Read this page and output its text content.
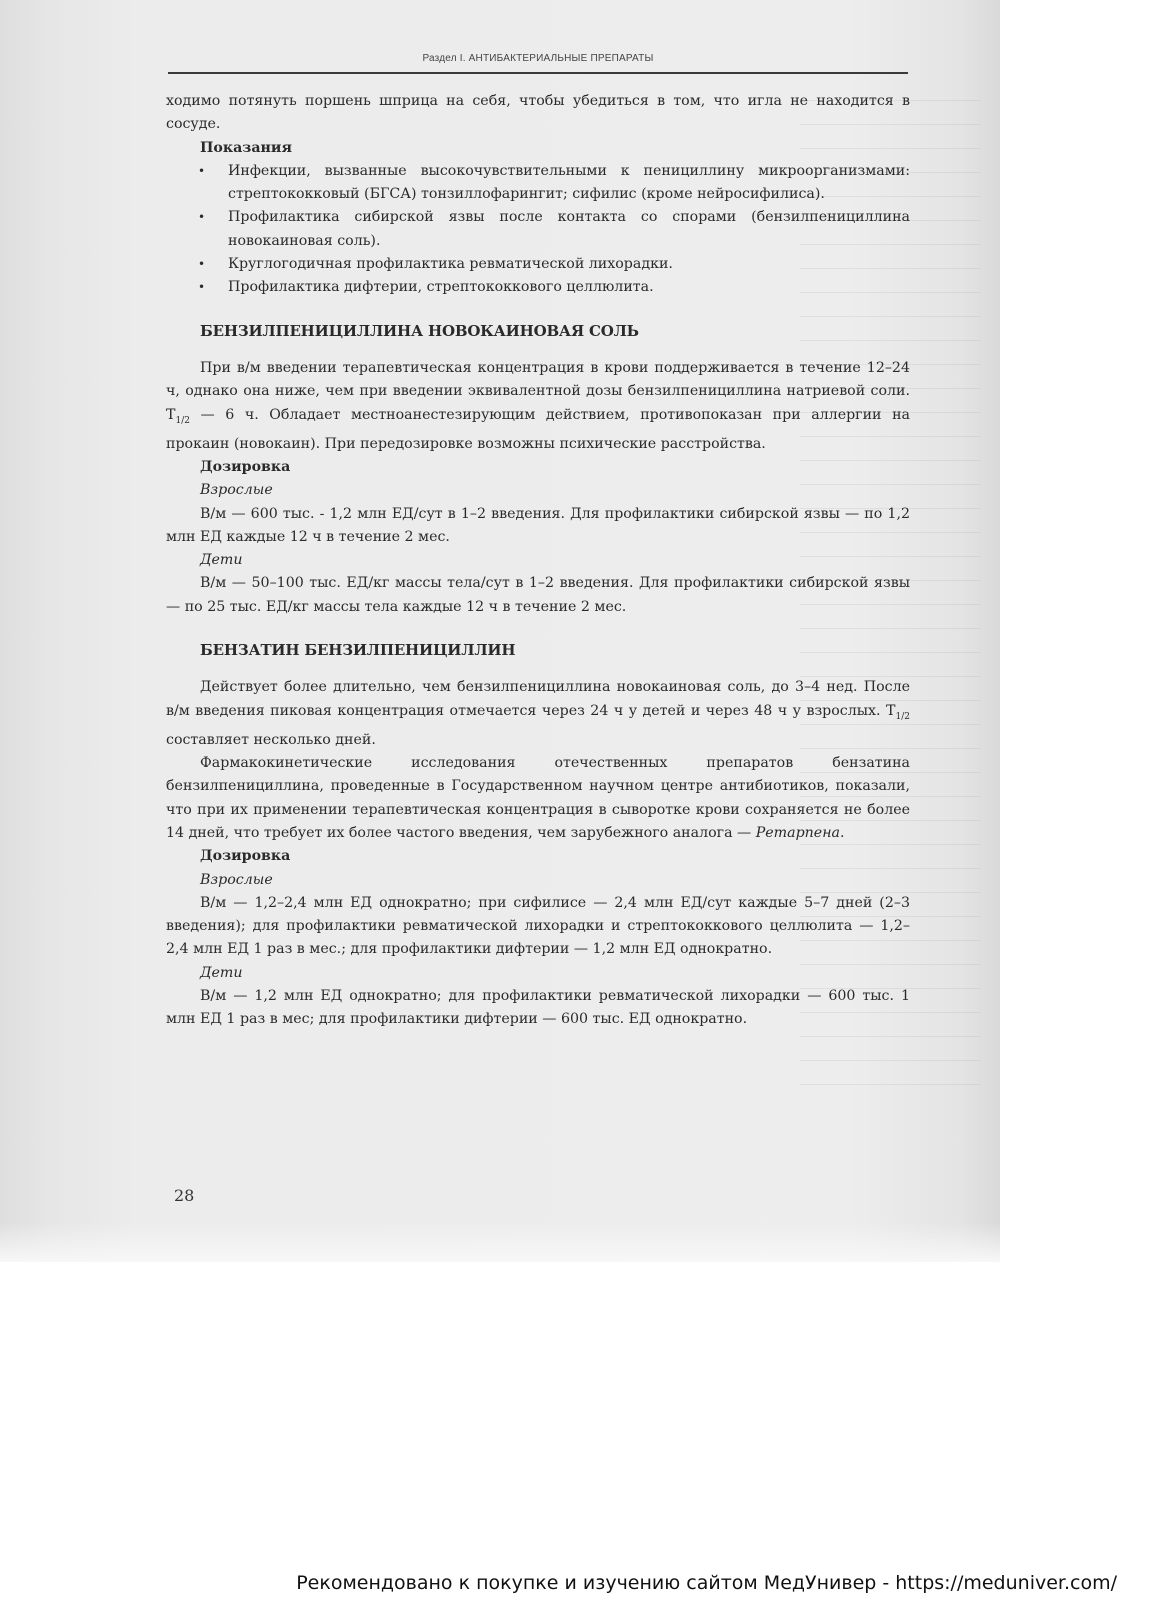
Раздел I. АНТИБАКТЕРИАЛЬНЫЕ ПРЕПАРАТЫ

ходимо потянуть поршень шприца на себя, чтобы убедиться в том, что игла не находится в сосуде.

Показания

• Инфекции, вызванные высокочувствительными к пенициллину микроорганизмами: стрептококковый (БГСА) тонзиллофарингит; сифилис (кроме нейросифилиса).
• Профилактика сибирской язвы после контакта со спорами (бензилпенициллина новокаиновая соль).
• Круглогодичная профилактика ревматической лихорадки.
• Профилактика дифтерии, стрептококкового целлюлита.

БЕНЗИЛПЕНИЦИЛЛИНА НОВОКАИНОВАЯ СОЛЬ

При в/м введении терапевтическая концентрация в крови поддерживается в течение 12–24 ч, однако она ниже, чем при введении эквивалентной дозы бензилпенициллина натриевой соли. $Т_{1/2}$ — 6 ч. Обладает местноанестезирующим действием, противопоказан при аллергии на прокаин (новокаин). При передозировке возможны психические расстройства.

Дозировка

Взрослые

В/м — 600 тыс. - 1,2 млн ЕД/сут в 1–2 введения. Для профилактики сибирской язвы — по 1,2 млн ЕД каждые 12 ч в течение 2 мес.

Дети

В/м — 50–100 тыс. ЕД/кг массы тела/сут в 1–2 введения. Для профилактики сибирской язвы — по 25 тыс. ЕД/кг массы тела каждые 12 ч в течение 2 мес.

БЕНЗАТИН БЕНЗИЛПЕНИЦИЛЛИН

Действует более длительно, чем бензилпенициллина новокаиновая соль, до 3–4 нед. После в/м введения пиковая концентрация отмечается через 24 ч у детей и через 48 ч у взрослых. $Т_{1/2}$ составляет несколько дней.

Фармакокинетические исследования отечественных препаратов бензатина бензилпенициллина, проведенные в Государственном научном центре антибиотиков, показали, что при их применении терапевтическая концентрация в сыворотке крови сохраняется не более 14 дней, что требует их более частого введения, чем зарубежного аналога — Ретарпена.

Дозировка

Взрослые

В/м — 1,2–2,4 млн ЕД однократно; при сифилисе — 2,4 млн ЕД/сут каждые 5–7 дней (2–3 введения); для профилактики ревматической лихорадки и стрептококкового целлюлита — 1,2–2,4 млн ЕД 1 раз в мес.; для профилактики дифтерии — 1,2 млн ЕД однократно.

Дети

В/м — 1,2 млн ЕД однократно; для профилактики ревматической лихорадки — 600 тыс. 1 млн ЕД 1 раз в мес; для профилактики дифтерии — 600 тыс. ЕД однократно.

28
Рекомендовано к покупке и изучению сайтом МедУнивер - https://meduniver.com/
